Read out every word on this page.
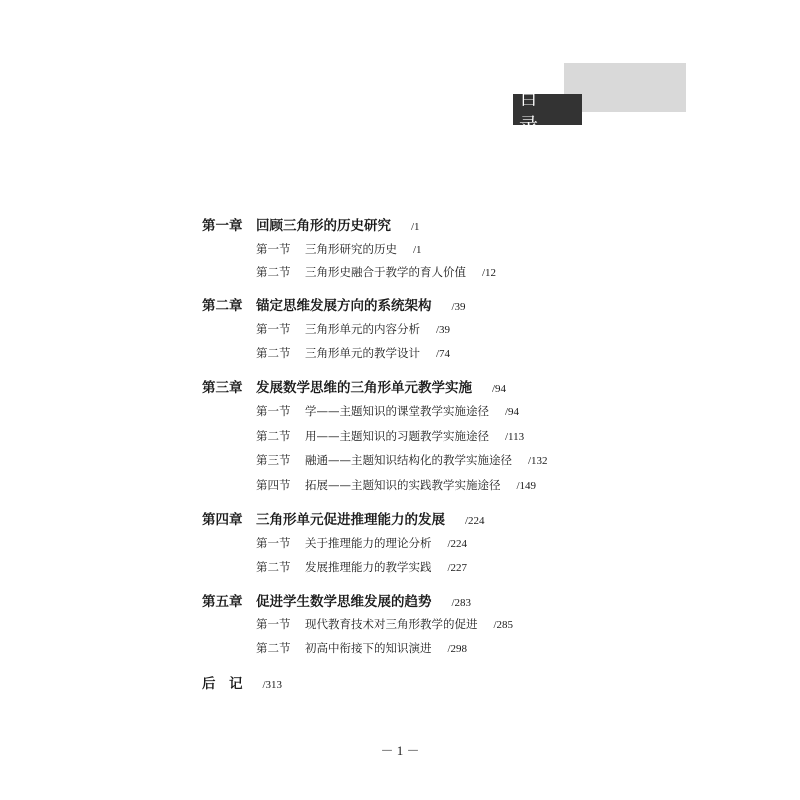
目　录
第一章 回顾三角形的历史研究 /1
第一节 三角形研究的历史 /1
第二节 三角形史融合于教学的育人价值 /12
第二章 锚定思维发展方向的系统架构 /39
第一节 三角形单元的内容分析 /39
第二节 三角形单元的教学设计 /74
第三章 发展数学思维的三角形单元教学实施 /94
第一节 学——主题知识的课堂教学实施途径 /94
第二节 用——主题知识的习题教学实施途径 /113
第三节 融通——主题知识结构化的教学实施途径 /132
第四节 拓展——主题知识的实践教学实施途径 /149
第四章 三角形单元促进推理能力的发展 /224
第一节 关于推理能力的理论分析 /224
第二节 发展推理能力的教学实践 /227
第五章 促进学生数学思维发展的趋势 /283
第一节 现代教育技术对三角形教学的促进 /285
第二节 初高中衔接下的知识演进 /298
后　记 /313
－ 1 －
